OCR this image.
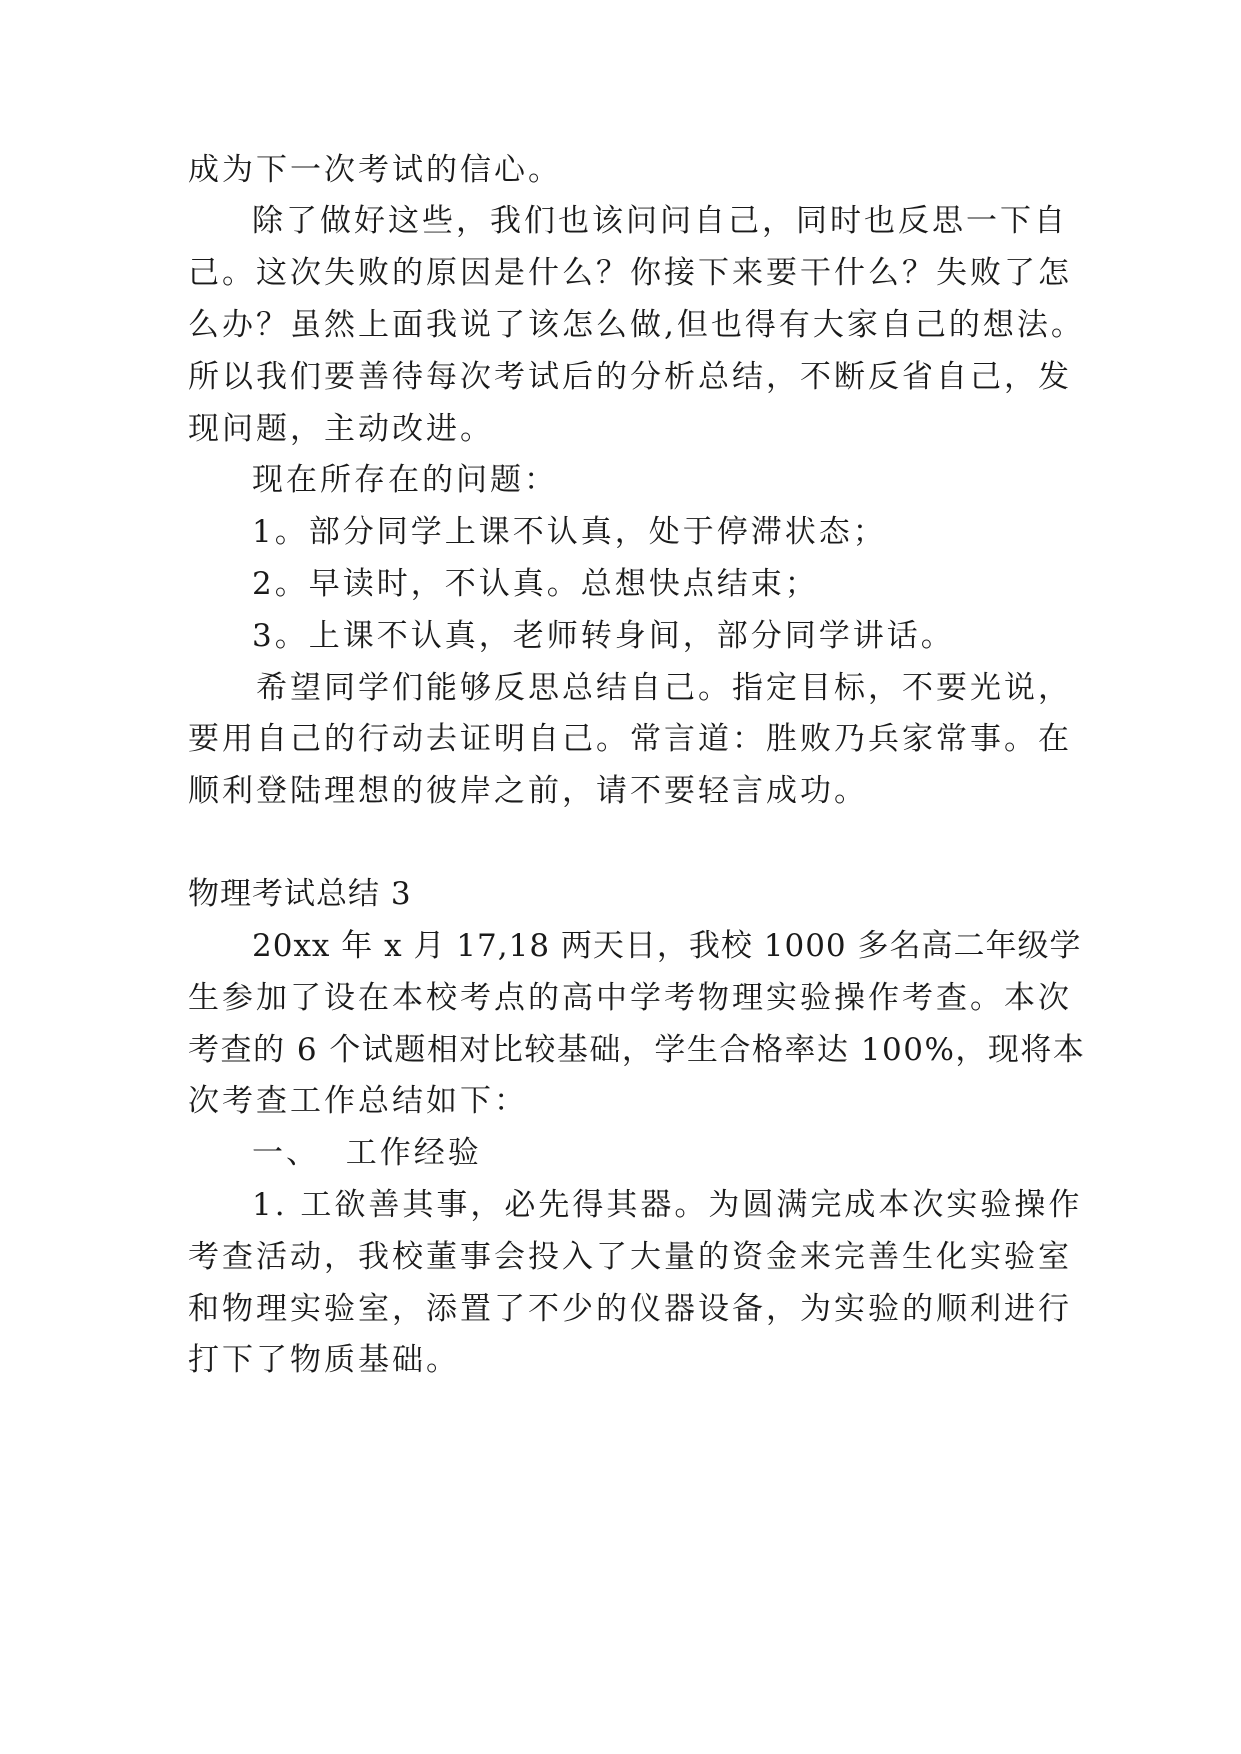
成为下一次考试的信心。
除了做好这些，我们也该问问自己，同时也反思一下自
己。这次失败的原因是什么？你接下来要干什么？失败了怎
么办？虽然上面我说了该怎么做,但也得有大家自己的想法。
所以我们要善待每次考试后的分析总结，不断反省自己，发
现问题，主动改进。
现在所存在的问题：
1。部分同学上课不认真，处于停滞状态；
2。早读时，不认真。总想快点结束；
3。上课不认真，老师转身间，部分同学讲话。
希望同学们能够反思总结自己。指定目标，不要光说，
要用自己的行动去证明自己。常言道：胜败乃兵家常事。在
顺利登陆理想的彼岸之前，请不要轻言成功。
物理考试总结 3
20xx 年 x 月 17,18 两天日，我校 1000 多名高二年级学
生参加了设在本校考点的高中学考物理实验操作考查。本次
考查的 6 个试题相对比较基础，学生合格率达 100%，现将本
次考查工作总结如下：
一、  工作经验
1. 工欲善其事，必先得其器。为圆满完成本次实验操作
考查活动，我校董事会投入了大量的资金来完善生化实验室
和物理实验室，添置了不少的仪器设备，为实验的顺利进行
打下了物质基础。
